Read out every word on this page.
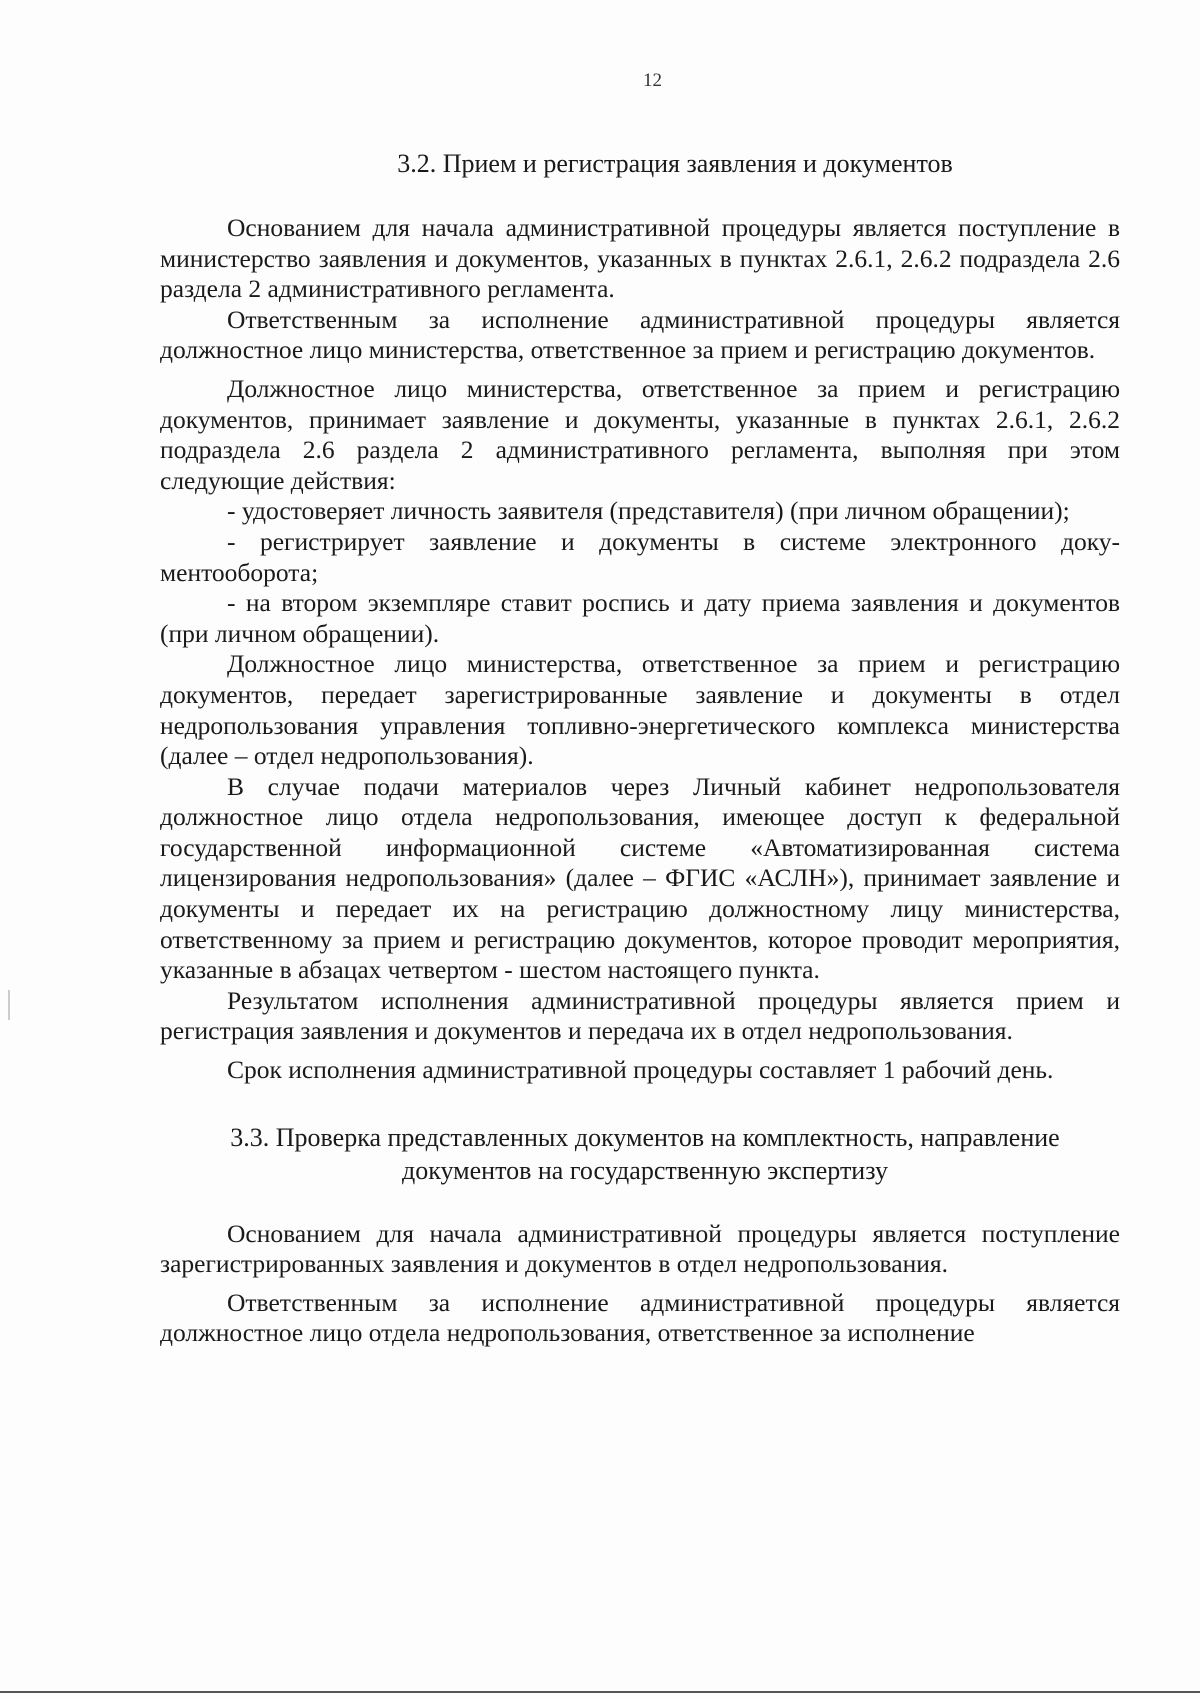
12
3.2. Прием и регистрация заявления и документов

Основанием для начала административной процедуры является поступление в министерство заявления и документов, указанных в пунктах 2.6.1, 2.6.2 подраздела 2.6 раздела 2 административного регламента.

Ответственным за исполнение административной процедуры является должностное лицо министерства, ответственное за прием и регистрацию документов.

Должностное лицо министерства, ответственное за прием и регистрацию документов, принимает заявление и документы, указанные в пунктах 2.6.1, 2.6.2 подраздела 2.6 раздела 2 административного регламента, выполняя при этом следующие действия:

- удостоверяет личность заявителя (представителя) (при личном обращении);

- регистрирует заявление и документы в системе электронного документооборота;

- на втором экземпляре ставит роспись и дату приема заявления и документов (при личном обращении).

Должностное лицо министерства, ответственное за прием и регистрацию документов, передает зарегистрированные заявление и документы в отдел недропользования управления топливно-энергетического комплекса министерства (далее – отдел недропользования).

В случае подачи материалов через Личный кабинет недропользователя должностное лицо отдела недропользования, имеющее доступ к федеральной государственной информационной системе «Автоматизированная система лицензирования недропользования» (далее – ФГИС «АСЛН»), принимает заявление и документы и передает их на регистрацию должностному лицу министерства, ответственному за прием и регистрацию документов, которое проводит мероприятия, указанные в абзацах четвертом - шестом настоящего пункта.

Результатом исполнения административной процедуры является прием и регистрация заявления и документов и передача их в отдел недропользования.

Срок исполнения административной процедуры составляет 1 рабочий день.

3.3. Проверка представленных документов на комплектность, направление документов на государственную экспертизу

Основанием для начала административной процедуры является поступление зарегистрированных заявления и документов в отдел недропользования.

Ответственным за исполнение административной процедуры является должностное лицо отдела недропользования, ответственное за исполнение
